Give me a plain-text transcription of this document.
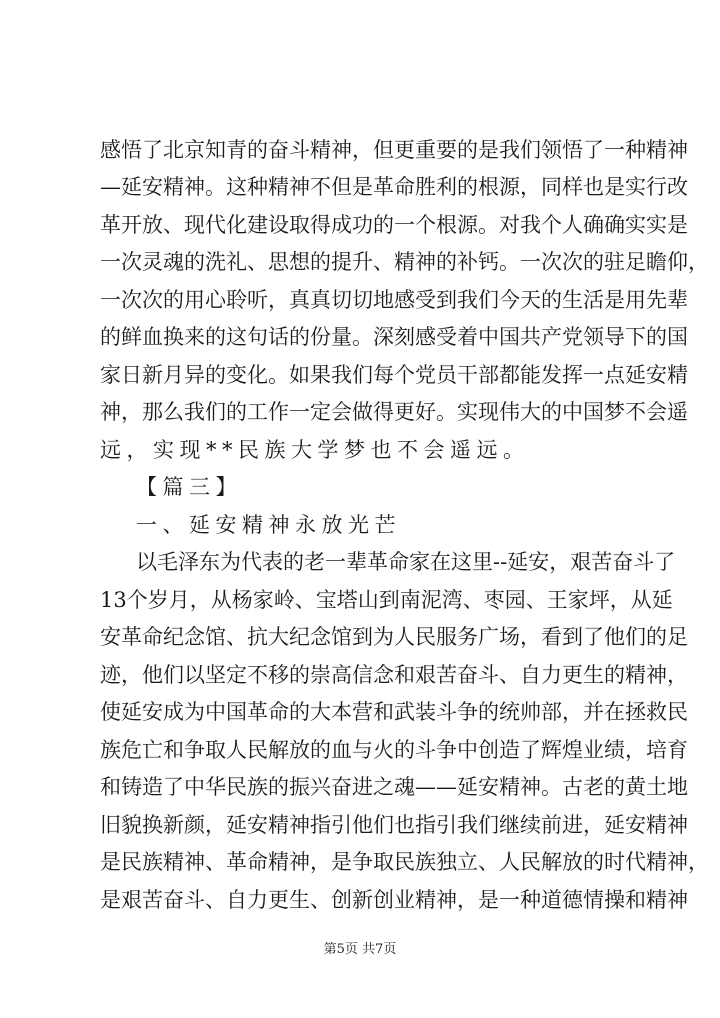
感悟了北京知青的奋斗精神，但更重要的是我们领悟了一种精神
—延安精神。这种精神不但是革命胜利的根源，同样也是实行改
革开放、现代化建设取得成功的一个根源。对我个人确确实实是
一次灵魂的洗礼、思想的提升、精神的补钙。一次次的驻足瞻仰，
一次次的用心聆听，真真切切地感受到我们今天的生活是用先辈
的鲜血换来的这句话的份量。深刻感受着中国共产党领导下的国
家日新月异的变化。如果我们每个党员干部都能发挥一点延安精
神，那么我们的工作一定会做得更好。实现伟大的中国梦不会遥
远，实现**民族大学梦也不会遥远。
【篇三】
一、延安精神永放光芒
以毛泽东为代表的老一辈革命家在这里--延安，艰苦奋斗了
13个岁月，从杨家岭、宝塔山到南泥湾、枣园、王家坪，从延
安革命纪念馆、抗大纪念馆到为人民服务广场，看到了他们的足
迹，他们以坚定不移的崇高信念和艰苦奋斗、自力更生的精神，
使延安成为中国革命的大本营和武装斗争的统帅部，并在拯救民
族危亡和争取人民解放的血与火的斗争中创造了辉煌业绩，培育
和铸造了中华民族的振兴奋进之魂——延安精神。古老的黄土地
旧貌换新颜，延安精神指引他们也指引我们继续前进，延安精神
是民族精神、革命精神，是争取民族独立、人民解放的时代精神，
是艰苦奋斗、自力更生、创新创业精神，是一种道德情操和精神
第5页 共7页
